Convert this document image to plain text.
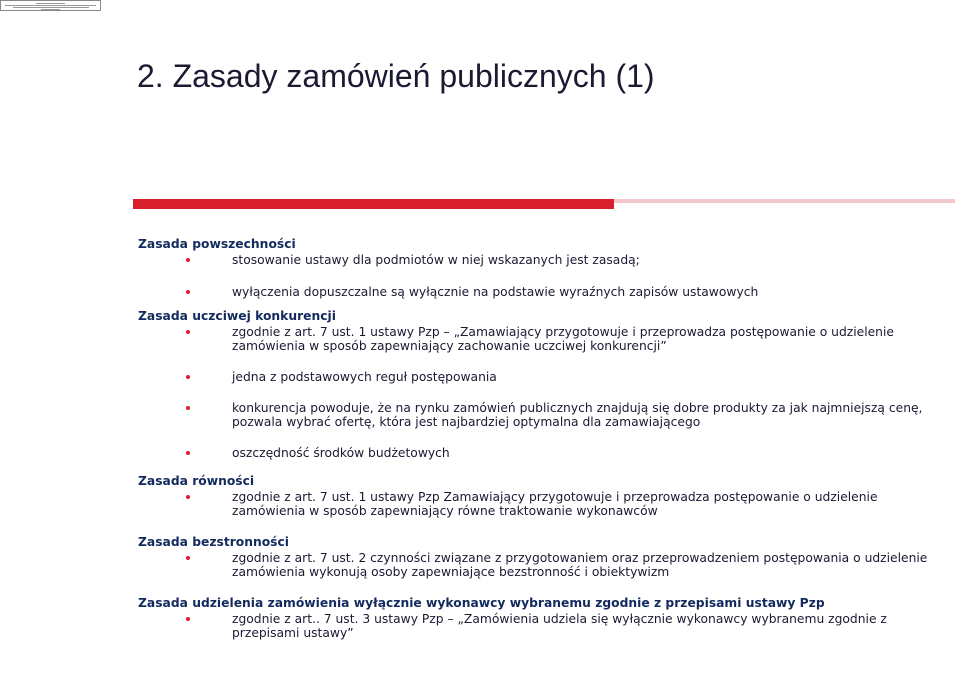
2. Zasady zamówień publicznych (1)
Zasada powszechności
stosowanie ustawy dla podmiotów w niej wskazanych jest zasadą;
wyłączenia dopuszczalne są wyłącznie na podstawie wyraźnych zapisów ustawowych
Zasada uczciwej konkurencji
zgodnie z art. 7 ust. 1 ustawy Pzp – „Zamawiający przygotowuje i przeprowadza postępowanie o udzielenie zamówienia w sposób zapewniający zachowanie uczciwej konkurencji”
jedna z podstawowych reguł postępowania
konkurencja powoduje, że na rynku zamówień publicznych znajdują się dobre produkty za jak najmniejszą cenę, pozwala wybrać ofertę, która jest najbardziej optymalna dla zamawiającego
oszczędność środków budżetowych
Zasada równości
zgodnie z art. 7 ust. 1 ustawy Pzp Zamawiający przygotowuje i przeprowadza postępowanie o udzielenie zamówienia w sposób zapewniający równe traktowanie wykonawców
Zasada bezstronności
zgodnie z art. 7 ust. 2 czynności związane z przygotowaniem oraz przeprowadzeniem postępowania o udzielenie zamówienia wykonują osoby zapewniające bezstronność i obiektywizm
Zasada udzielenia zamówienia wyłącznie wykonawcy wybranemu zgodnie z przepisami ustawy Pzp
zgodnie z art.. 7 ust. 3 ustawy Pzp – „Zamówienia udziela się wyłącznie wykonawcy wybranemu zgodnie z przepisami ustawy”
